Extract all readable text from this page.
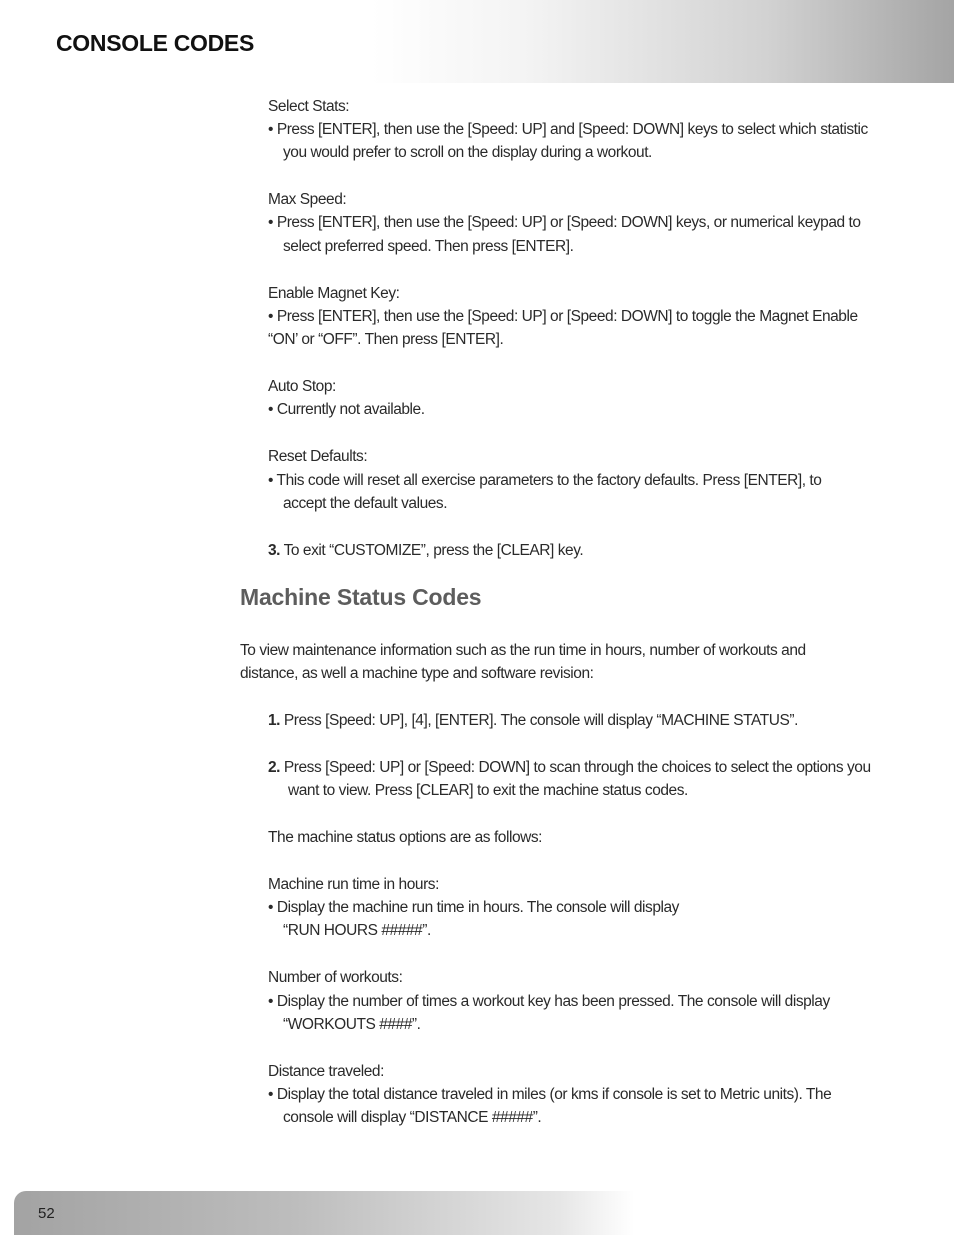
CONSOLE CODES

Select Stats:

• Press [ENTER], then use the [Speed: UP] and [Speed: DOWN] keys to select which statistic

you would prefer to scroll on the display during a workout.

Max Speed:

• Press [ENTER], then use the [Speed: UP] or [Speed: DOWN] keys, or numerical keypad to

select preferred speed. Then press [ENTER].

Enable Magnet Key:

• Press [ENTER], then use the [Speed: UP] or [Speed: DOWN] to toggle the Magnet Enable

“ON’ or “OFF”. Then press [ENTER].

Auto Stop:

• Currently not available.

Reset Defaults:

• This code will reset all exercise parameters to the factory defaults. Press [ENTER], to

accept the default values.

3. To exit “CUSTOMIZE”, press the [CLEAR] key.

Machine Status Codes

To view maintenance information such as the run time in hours, number of workouts and

distance, as well a machine type and software revision:

1. Press [Speed: UP], [4], [ENTER]. The console will display “MACHINE STATUS”.

2. Press [Speed: UP] or [Speed: DOWN] to scan through the choices to select the options you

want to view. Press [CLEAR] to exit the machine status codes.

The machine status options are as follows:

Machine run time in hours:

• Display the machine run time in hours. The console will display

“RUN HOURS #####”.

Number of workouts:

• Display the number of times a workout key has been pressed. The console will display

“WORKOUTS ####”.

Distance traveled:

• Display the total distance traveled in miles (or kms if console is set to Metric units). The

console will display “DISTANCE #####”.

52
